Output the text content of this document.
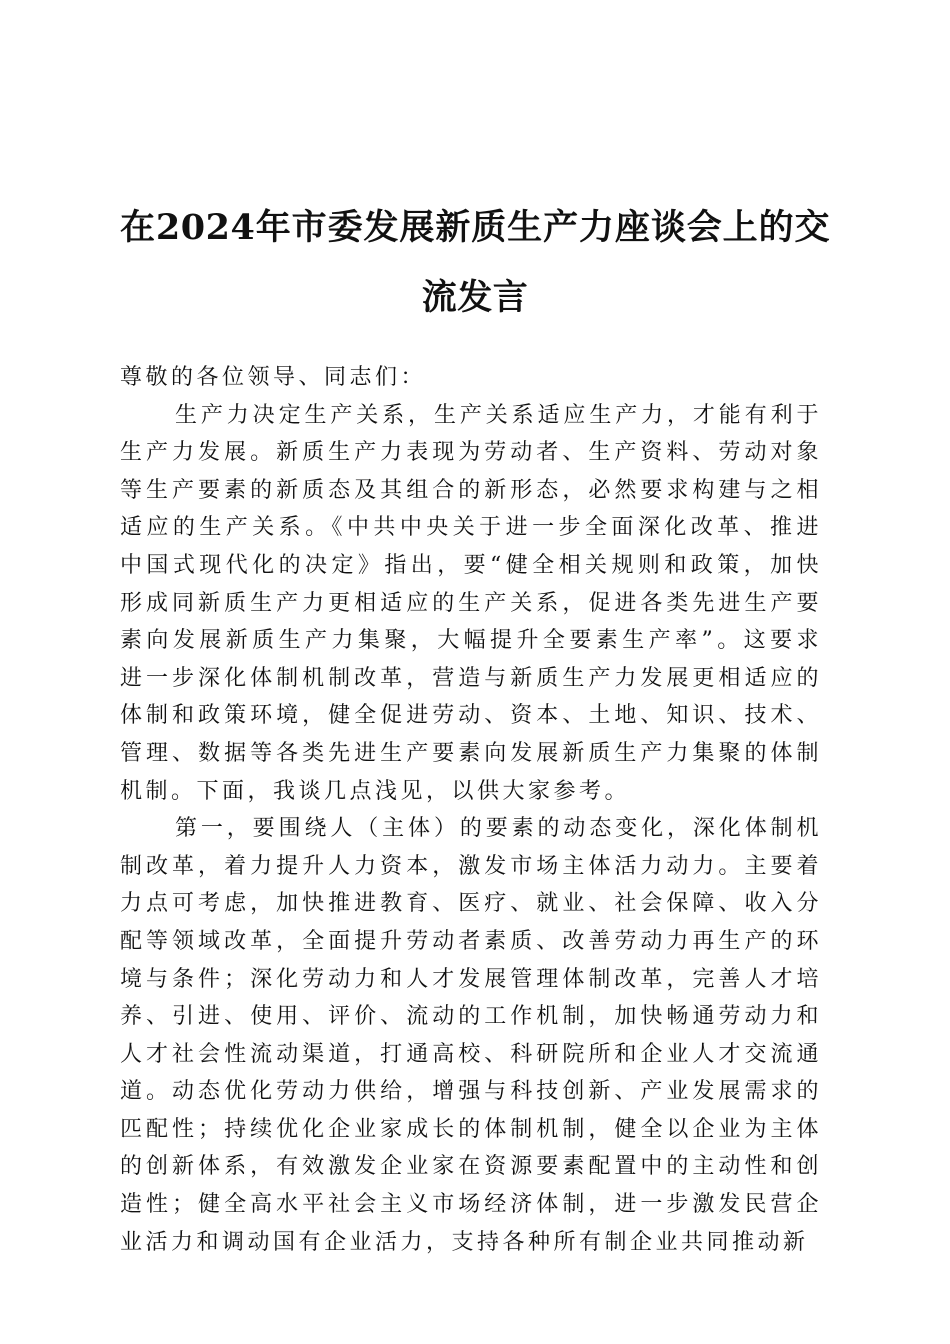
在2024年市委发展新质生产力座谈会上的交流发言

尊敬的各位领导、同志们：

生产力决定生产关系，生产关系适应生产力，才能有利于生产力发展。新质生产力表现为劳动者、生产资料、劳动对象等生产要素的新质态及其组合的新形态，必然要求构建与之相适应的生产关系。《中共中央关于进一步全面深化改革、推进中国式现代化的决定》指出，要“健全相关规则和政策，加快形成同新质生产力更相适应的生产关系，促进各类先进生产要素向发展新质生产力集聚，大幅提升全要素生产率”。这要求进一步深化体制机制改革，营造与新质生产力发展更相适应的体制和政策环境，健全促进劳动、资本、土地、知识、技术、管理、数据等各类先进生产要素向发展新质生产力集聚的体制机制。下面，我谈几点浅见，以供大家参考。

第一，要围绕人（主体）的要素的动态变化，深化体制机制改革，着力提升人力资本，激发市场主体活力动力。主要着力点可考虑，加快推进教育、医疗、就业、社会保障、收入分配等领域改革，全面提升劳动者素质、改善劳动力再生产的环境与条件；深化劳动力和人才发展管理体制改革，完善人才培养、引进、使用、评价、流动的工作机制，加快畅通劳动力和人才社会性流动渠道，打通高校、科研院所和企业人才交流通道。动态优化劳动力供给，增强与科技创新、产业发展需求的匹配性；持续优化企业家成长的体制机制，健全以企业为主体的创新体系，有效激发企业家在资源要素配置中的主动性和创造性；健全高水平社会主义市场经济体制，进一步激发民营企业活力和调动国有企业活力，支持各种所有制企业共同推动新
